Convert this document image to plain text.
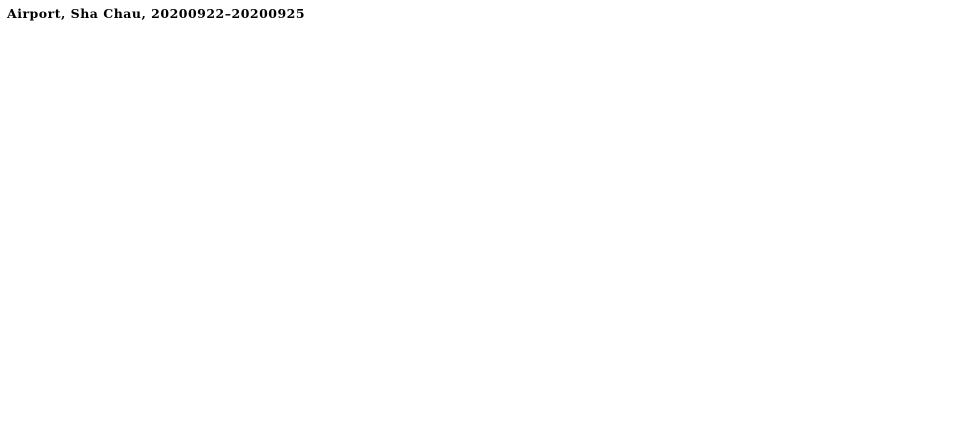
Airport, Sha Chau, 20200922–20200925
